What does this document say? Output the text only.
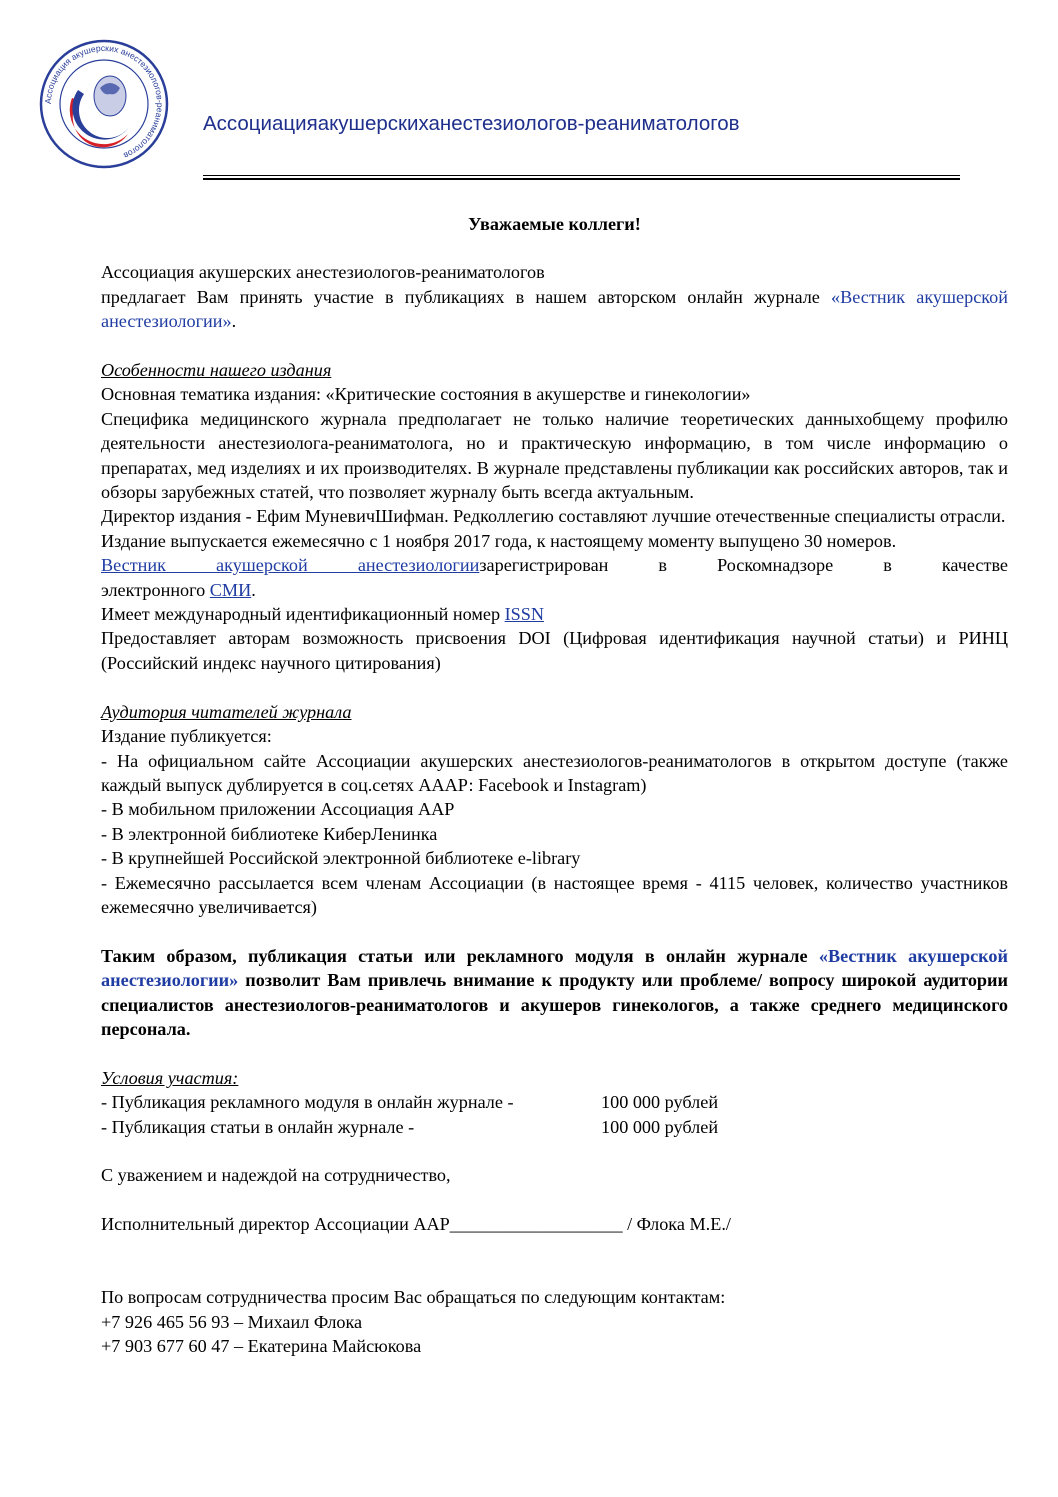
Ассоциация акушерских анестезиологов-реаниматологов
Ассоциацияакушерскиханестезиологов-реаниматологов

Уважаемые коллеги!

Ассоциация акушерских анестезиологов-реаниматологов

предлагает Вам принять участие в публикациях в нашем авторском онлайн журнале «Вестник акушерской анестезиологии».

Особенности нашего издания

Основная тематика издания: «Критические состояния в акушерстве и гинекологии»

Специфика медицинского журнала предполагает не только наличие теоретических данныхобщему профилю деятельности анестезиолога-реаниматолога, но и практическую информацию, в том числе информацию о препаратах, мед изделиях и их производителях. В журнале представлены публикации как российских авторов, так и обзоры зарубежных статей, что позволяет журналу быть всегда актуальным.

Директор издания - Ефим МуневичШифман. Редколлегию составляют лучшие отечественные специалисты отрасли.

Издание выпускается ежемесячно с 1 ноября 2017 года, к настоящему моменту выпущено 30 номеров.

Вестник акушерской анестезиологиизарегистрирован в Роскомнадзоре в качестве

электронного СМИ.

Имеет международный идентификационный номер ISSN

Предоставляет авторам возможность присвоения DOI (Цифровая идентификация научной статьи) и РИНЦ (Российский индекс научного цитирования)

Аудитория читателей журнала

Издание публикуется:

- На официальном сайте Ассоциации акушерских анестезиологов-реаниматологов в открытом доступе (также каждый выпуск дублируется в соц.сетях АААР: Facebook и Instagram)

- В мобильном приложении Ассоциация ААР

- В электронной библиотеке КиберЛенинка

- В крупнейшей Российской электронной библиотеке e-library

- Ежемесячно рассылается всем членам Ассоциации (в настоящее время - 4115 человек, количество участников ежемесячно увеличивается)

Таким образом, публикация статьи или рекламного модуля в онлайн журнале «Вестник акушерской анестезиологии» позволит Вам привлечь внимание к продукту или проблеме/ вопросу широкой аудитории специалистов анестезиологов-реаниматологов и акушеров гинекологов, а также среднего медицинского персонала.

Условия участия:

- Публикация рекламного модуля в онлайн журнале -	100 000 рублей

- Публикация статьи в онлайн журнале -	100 000 рублей

С уважением и надеждой на сотрудничество,

Исполнительный директор Ассоциации ААР___________________ / Флока М.Е./

По вопросам сотрудничества просим Вас обращаться по следующим контактам:

+7 926 465 56 93 – Михаил Флока

+7 903 677 60 47 – Екатерина Майсюкова
